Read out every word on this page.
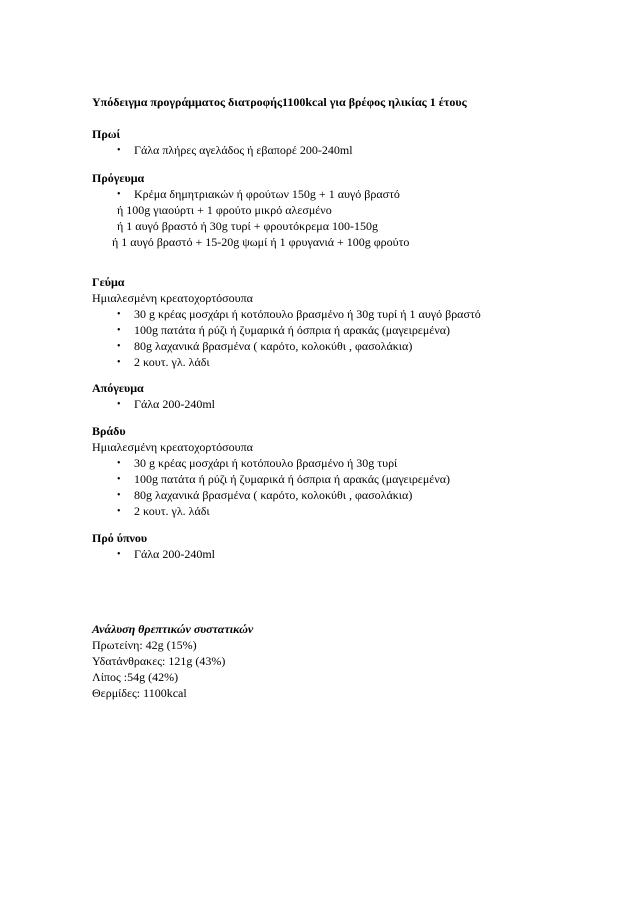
Υπόδειγμα προγράμματος διατροφής1100kcal για βρέφος ηλικίας 1 έτους
Πρωί
• Γάλα πλήρες αγελάδος ή εβαπορέ 200-240ml
Πρόγευμα
• Κρέμα δημητριακών ή φρούτων 150g + 1 αυγό βραστό
ή 100g γιαούρτι + 1 φρούτο μικρό αλεσμένο
ή 1 αυγό βραστό ή 30g τυρί + φρουτόκρεμα 100-150g
ή 1 αυγό βραστό + 15-20g ψωμί ή 1 φρυγανιά + 100g φρούτο
Γεύμα
Ημιαλεσμένη κρεατοχορτόσουπα
• 30 g κρέας μοσχάρι ή κοτόπουλο βρασμένο ή 30g τυρί ή 1 αυγό βραστό
• 100g πατάτα ή ρύζι ή ζυμαρικά ή όσπρια ή αρακάς (μαγειρεμένα)
• 80g λαχανικά βρασμένα ( καρότο, κολοκύθι , φασολάκια)
• 2 κουτ. γλ. λάδι
Απόγευμα
• Γάλα 200-240ml
Βράδυ
Ημιαλεσμένη κρεατοχορτόσουπα
• 30 g κρέας μοσχάρι ή κοτόπουλο βρασμένο ή 30g τυρί
• 100g πατάτα ή ρύζι ή ζυμαρικά ή όσπρια ή αρακάς (μαγειρεμένα)
• 80g λαχανικά βρασμένα ( καρότο, κολοκύθι , φασολάκια)
• 2 κουτ. γλ. λάδι
Πρό ύπνου
• Γάλα 200-240ml
Ανάλυση θρεπτικών συστατικών
Πρωτείνη: 42g (15%)
Υδατάνθρακες: 121g (43%)
Λίπος :54g (42%)
Θερμίδες: 1100kcal
